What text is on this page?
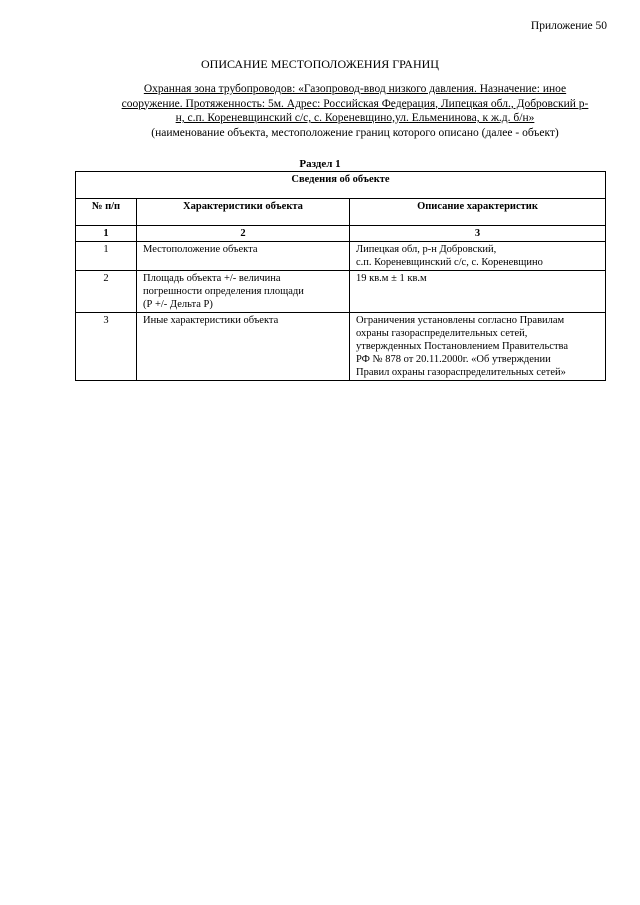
Приложение 50
ОПИСАНИЕ МЕСТОПОЛОЖЕНИЯ ГРАНИЦ
Охранная зона трубопроводов: «Газопровод-ввод низкого давления. Назначение: иное
сооружение. Протяженность: 5м. Адрес: Российская Федерация, Липецкая обл., Добровский р-
н, с.п. Кореневщинский с/с, с. Кореневщино,ул. Ельменинова, к ж.д. б/н»
(наименование объекта, местоположение границ которого описано (далее - объект)
Раздел 1
Сведения об объекте		
№ п/п	Характеристики объекта	Описание характеристик
1	2	3
1	Местоположение объекта	Липецкая обл, р-н Добровский,
с.п. Кореневщинский с/с, с. Кореневщино

2	Площадь объекта +/- величина
погрешности определения площади
(Р +/- Дельта Р)	19 кв.м ± 1 кв.м
3	Иные характеристики объекта	Ограничения установлены согласно Правилам
охраны газораспределительных сетей,
утвержденных Постановлением Правительства
РФ № 878 от 20.11.2000г. «Об утверждении
Правил охраны газораспределительных сетей»
